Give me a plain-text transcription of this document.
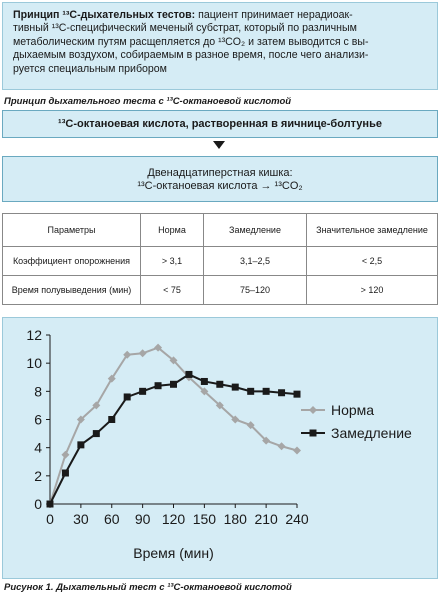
Принцип ¹³C-дыхательных тестов: пациент принимает нерадиоак-
тивный ¹³C-специфический меченый субстрат, который по различным
метаболическим путям расщепляется до ¹³CO₂ и затем выводится с вы-
дыхаемым воздухом, собираемым в разное время, после чего анализи-
руется специальным прибором
Принцип дыхательного теста с ¹³C-октаноевой кислотой
¹³C-октаноевая кислота, растворенная в яичнице-болтунье
Двенадцатиперстная кишка:
¹³C-октаноевая кислота → ¹³CO₂
Параметры	Норма	Замедление	Значительное замедление
Коэффициент опорожнения	> 3,1	3,1–2,5	< 2,5
Время полувыведения (мин)	< 75	75–120	> 120
0
2
4
6
8
10
12
0 30 60 90 120 150 180 210 240
Время (мин)
Норма
Замедление
Рисунок 1. Дыхательный тест с ¹³C-октаноевой кислотой
